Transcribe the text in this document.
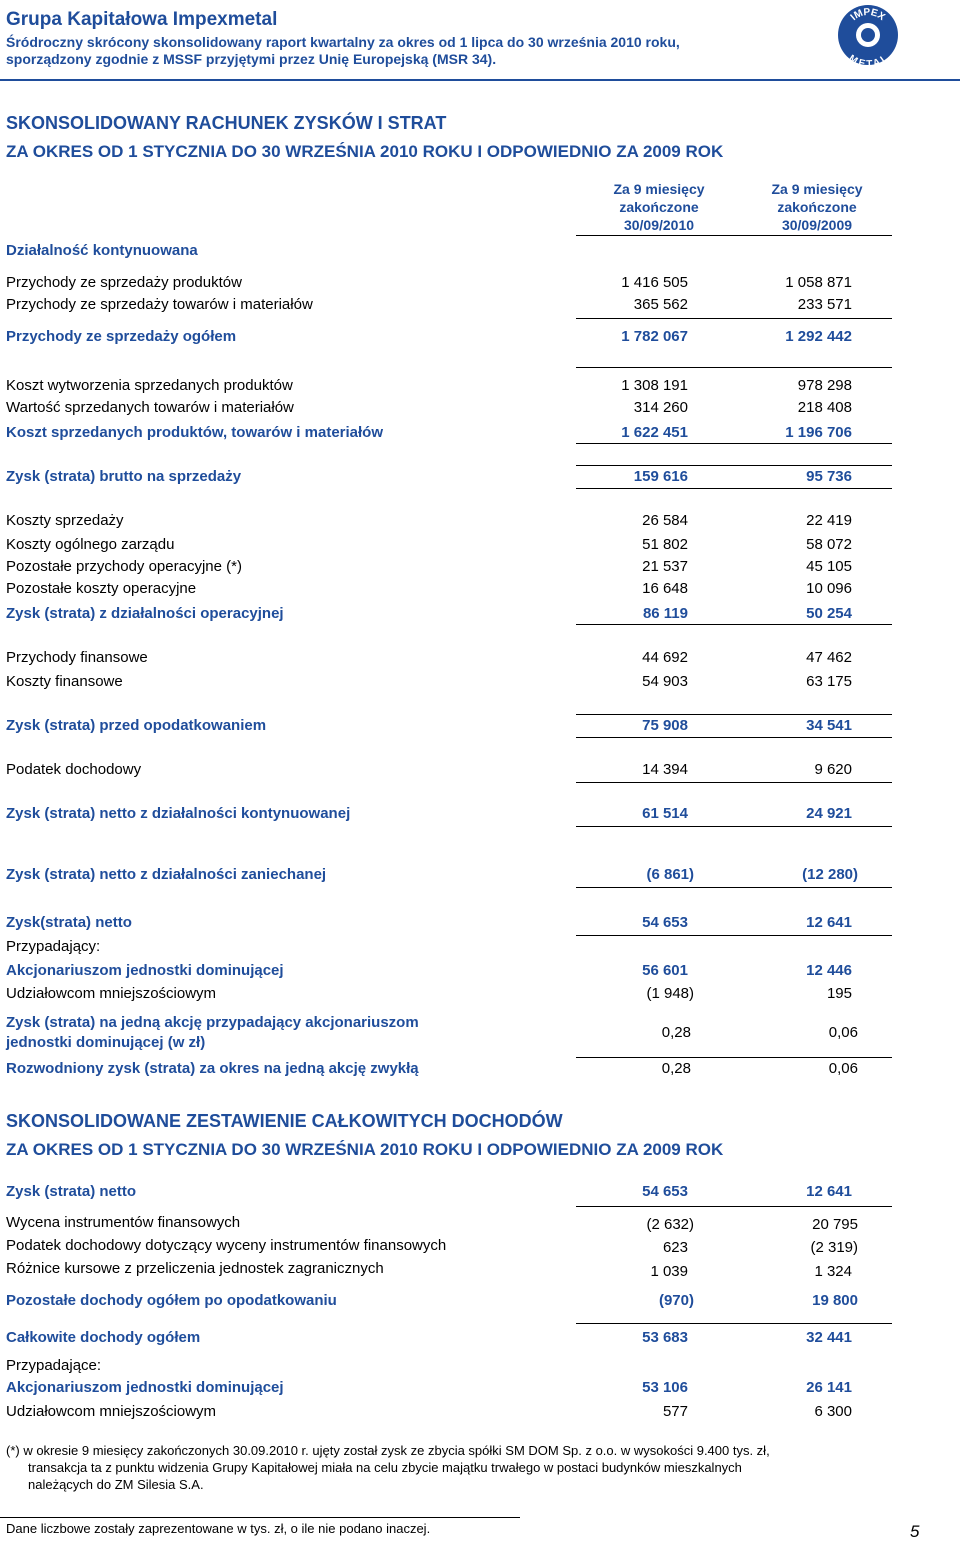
Grupa Kapitałowa Impexmetal
Śródroczny skrócony skonsolidowany raport kwartalny za okres od 1 lipca do 30 września 2010 roku,
sporządzony zgodnie z MSSF przyjętymi przez Unię Europejską (MSR 34).
IMPEX
METAL
SKONSOLIDOWANY RACHUNEK ZYSKÓW I STRAT
ZA OKRES OD 1 STYCZNIA DO 30 WRZEŚNIA 2010 ROKU I ODPOWIEDNIO ZA 2009 ROK
Za 9 miesięcy
zakończone
30/09/2010
Za 9 miesięcy
zakończone
30/09/2009
Działalność kontynuowana
Przychody ze sprzedaży produktów	1 416 505	1 058 871
Przychody ze sprzedaży towarów i materiałów	365 562	233 571
Przychody ze sprzedaży ogółem	1 782 067	1 292 442
Koszt wytworzenia sprzedanych produktów	1 308 191	978 298
Wartość sprzedanych towarów i materiałów	314 260	218 408
Koszt sprzedanych produktów, towarów i materiałów	1 622 451	1 196 706
Zysk (strata) brutto na sprzedaży	159 616	95 736
Koszty sprzedaży	26 584	22 419
Koszty ogólnego zarządu	51 802	58 072
Pozostałe przychody operacyjne (*)	21 537	45 105
Pozostałe koszty operacyjne	16 648	10 096
Zysk (strata) z działalności operacyjnej	86 119	50 254
Przychody finansowe	44 692	47 462
Koszty finansowe	54 903	63 175
Zysk (strata) przed opodatkowaniem	75 908	34 541
Podatek dochodowy	14 394	9 620
Zysk (strata) netto z działalności kontynuowanej	61 514	24 921
Zysk (strata) netto z działalności zaniechanej	(6 861)	(12 280)
Zysk(strata) netto	54 653	12 641
Przypadający:
Akcjonariuszom jednostki dominującej	56 601	12 446
Udziałowcom mniejszościowym	(1 948)	195
Zysk (strata) na jedną akcję przypadający akcjonariuszom
jednostki dominującej (w zł)
0,28	0,06
Rozwodniony zysk (strata) za okres na jedną akcję zwykłą	0,28	0,06
SKONSOLIDOWANE ZESTAWIENIE CAŁKOWITYCH DOCHODÓW
ZA OKRES OD 1 STYCZNIA DO 30 WRZEŚNIA 2010 ROKU I ODPOWIEDNIO ZA 2009 ROK
Zysk (strata) netto	54 653	12 641
Wycena instrumentów finansowych	(2 632)	20 795
Podatek dochodowy dotyczący wyceny instrumentów finansowych	623	(2 319)
Różnice kursowe z przeliczenia jednostek zagranicznych	1 039	1 324
Pozostałe dochody ogółem po opodatkowaniu	(970)	19 800
Całkowite dochody ogółem	53 683	32 441
Przypadające:
Akcjonariuszom jednostki dominującej	53 106	26 141
Udziałowcom mniejszościowym	577	6 300
(*) w okresie 9 miesięcy zakończonych 30.09.2010 r. ujęty został zysk ze zbycia spółki SM DOM Sp. z o.o. w wysokości 9.400 tys. zł,
transakcja ta z punktu widzenia Grupy Kapitałowej miała na celu zbycie majątku trwałego w postaci budynków mieszkalnych
należących do ZM Silesia S.A.
Dane liczbowe zostały zaprezentowane w tys. zł, o ile nie podano inaczej.	5
